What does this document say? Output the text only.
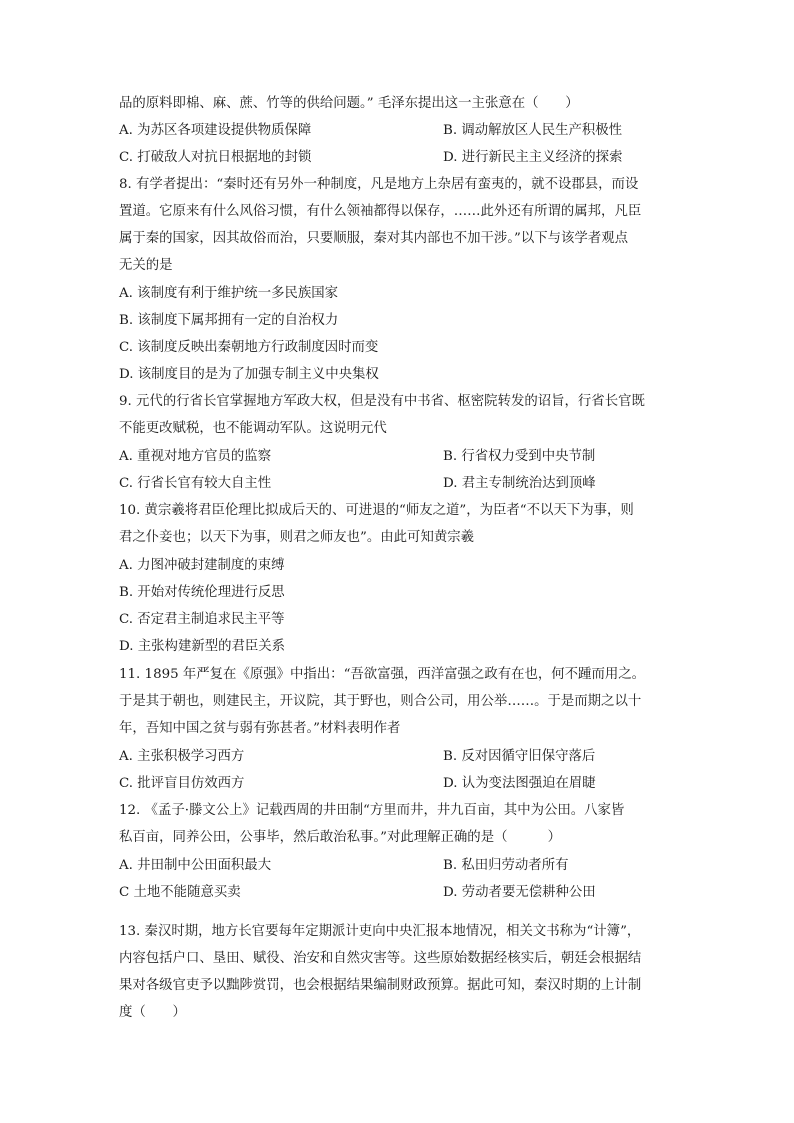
品的原料即棉、麻、蔗、竹等的供给问题。” 毛泽东提出这一主张意在（　　）
A. 为苏区各项建设提供物质保障	B. 调动解放区人民生产积极性
C. 打破敌人对抗日根据地的封锁	D. 进行新民主主义经济的探索
8. 有学者提出：“秦时还有另外一种制度，凡是地方上杂居有蛮夷的，就不设郡县，而设
置道。它原来有什么风俗习惯，有什么领袖都得以保存，……此外还有所谓的属邦，凡臣
属于秦的国家，因其故俗而治，只要顺服，秦对其内部也不加干涉。”以下与该学者观点
无关的是
A. 该制度有利于维护统一多民族国家
B. 该制度下属邦拥有一定的自治权力
C. 该制度反映出秦朝地方行政制度因时而变
D. 该制度目的是为了加强专制主义中央集权
9. 元代的行省长官掌握地方军政大权，但是没有中书省、枢密院转发的诏旨，行省长官既
不能更改赋税，也不能调动军队。这说明元代
A. 重视对地方官员的监察	B. 行省权力受到中央节制
C. 行省长官有较大自主性	D. 君主专制统治达到顶峰
10. 黄宗羲将君臣伦理比拟成后天的、可进退的“师友之道”，为臣者“不以天下为事，则
君之仆妾也；以天下为事，则君之师友也”。由此可知黄宗羲
A. 力图冲破封建制度的束缚
B. 开始对传统伦理进行反思
C. 否定君主制追求民主平等
D. 主张构建新型的君臣关系
11. 1895 年严复在《原强》中指出：“吾欲富强，西洋富强之政有在也，何不踵而用之。
于是其于朝也，则建民主，开议院，其于野也，则合公司，用公举……。于是而期之以十
年，吾知中国之贫与弱有弥甚者。”材料表明作者
A. 主张积极学习西方	B. 反对因循守旧保守落后
C. 批评盲目仿效西方	D. 认为变法图强迫在眉睫
12. 《孟子·滕文公上》记载西周的井田制“方里而井，井九百亩，其中为公田。八家皆
私百亩，同养公田，公事毕，然后敢治私事。”对此理解正确的是（　　　）
A. 井田制中公田面积最大	B. 私田归劳动者所有
C 土地不能随意买卖	D. 劳动者要无偿耕种公田
13. 秦汉时期，地方长官要每年定期派计吏向中央汇报本地情况，相关文书称为“计簿”，
内容包括户口、垦田、赋役、治安和自然灾害等。这些原始数据经核实后，朝廷会根据结
果对各级官吏予以黜陟赏罚，也会根据结果编制财政预算。据此可知，秦汉时期的上计制
度（　　）
